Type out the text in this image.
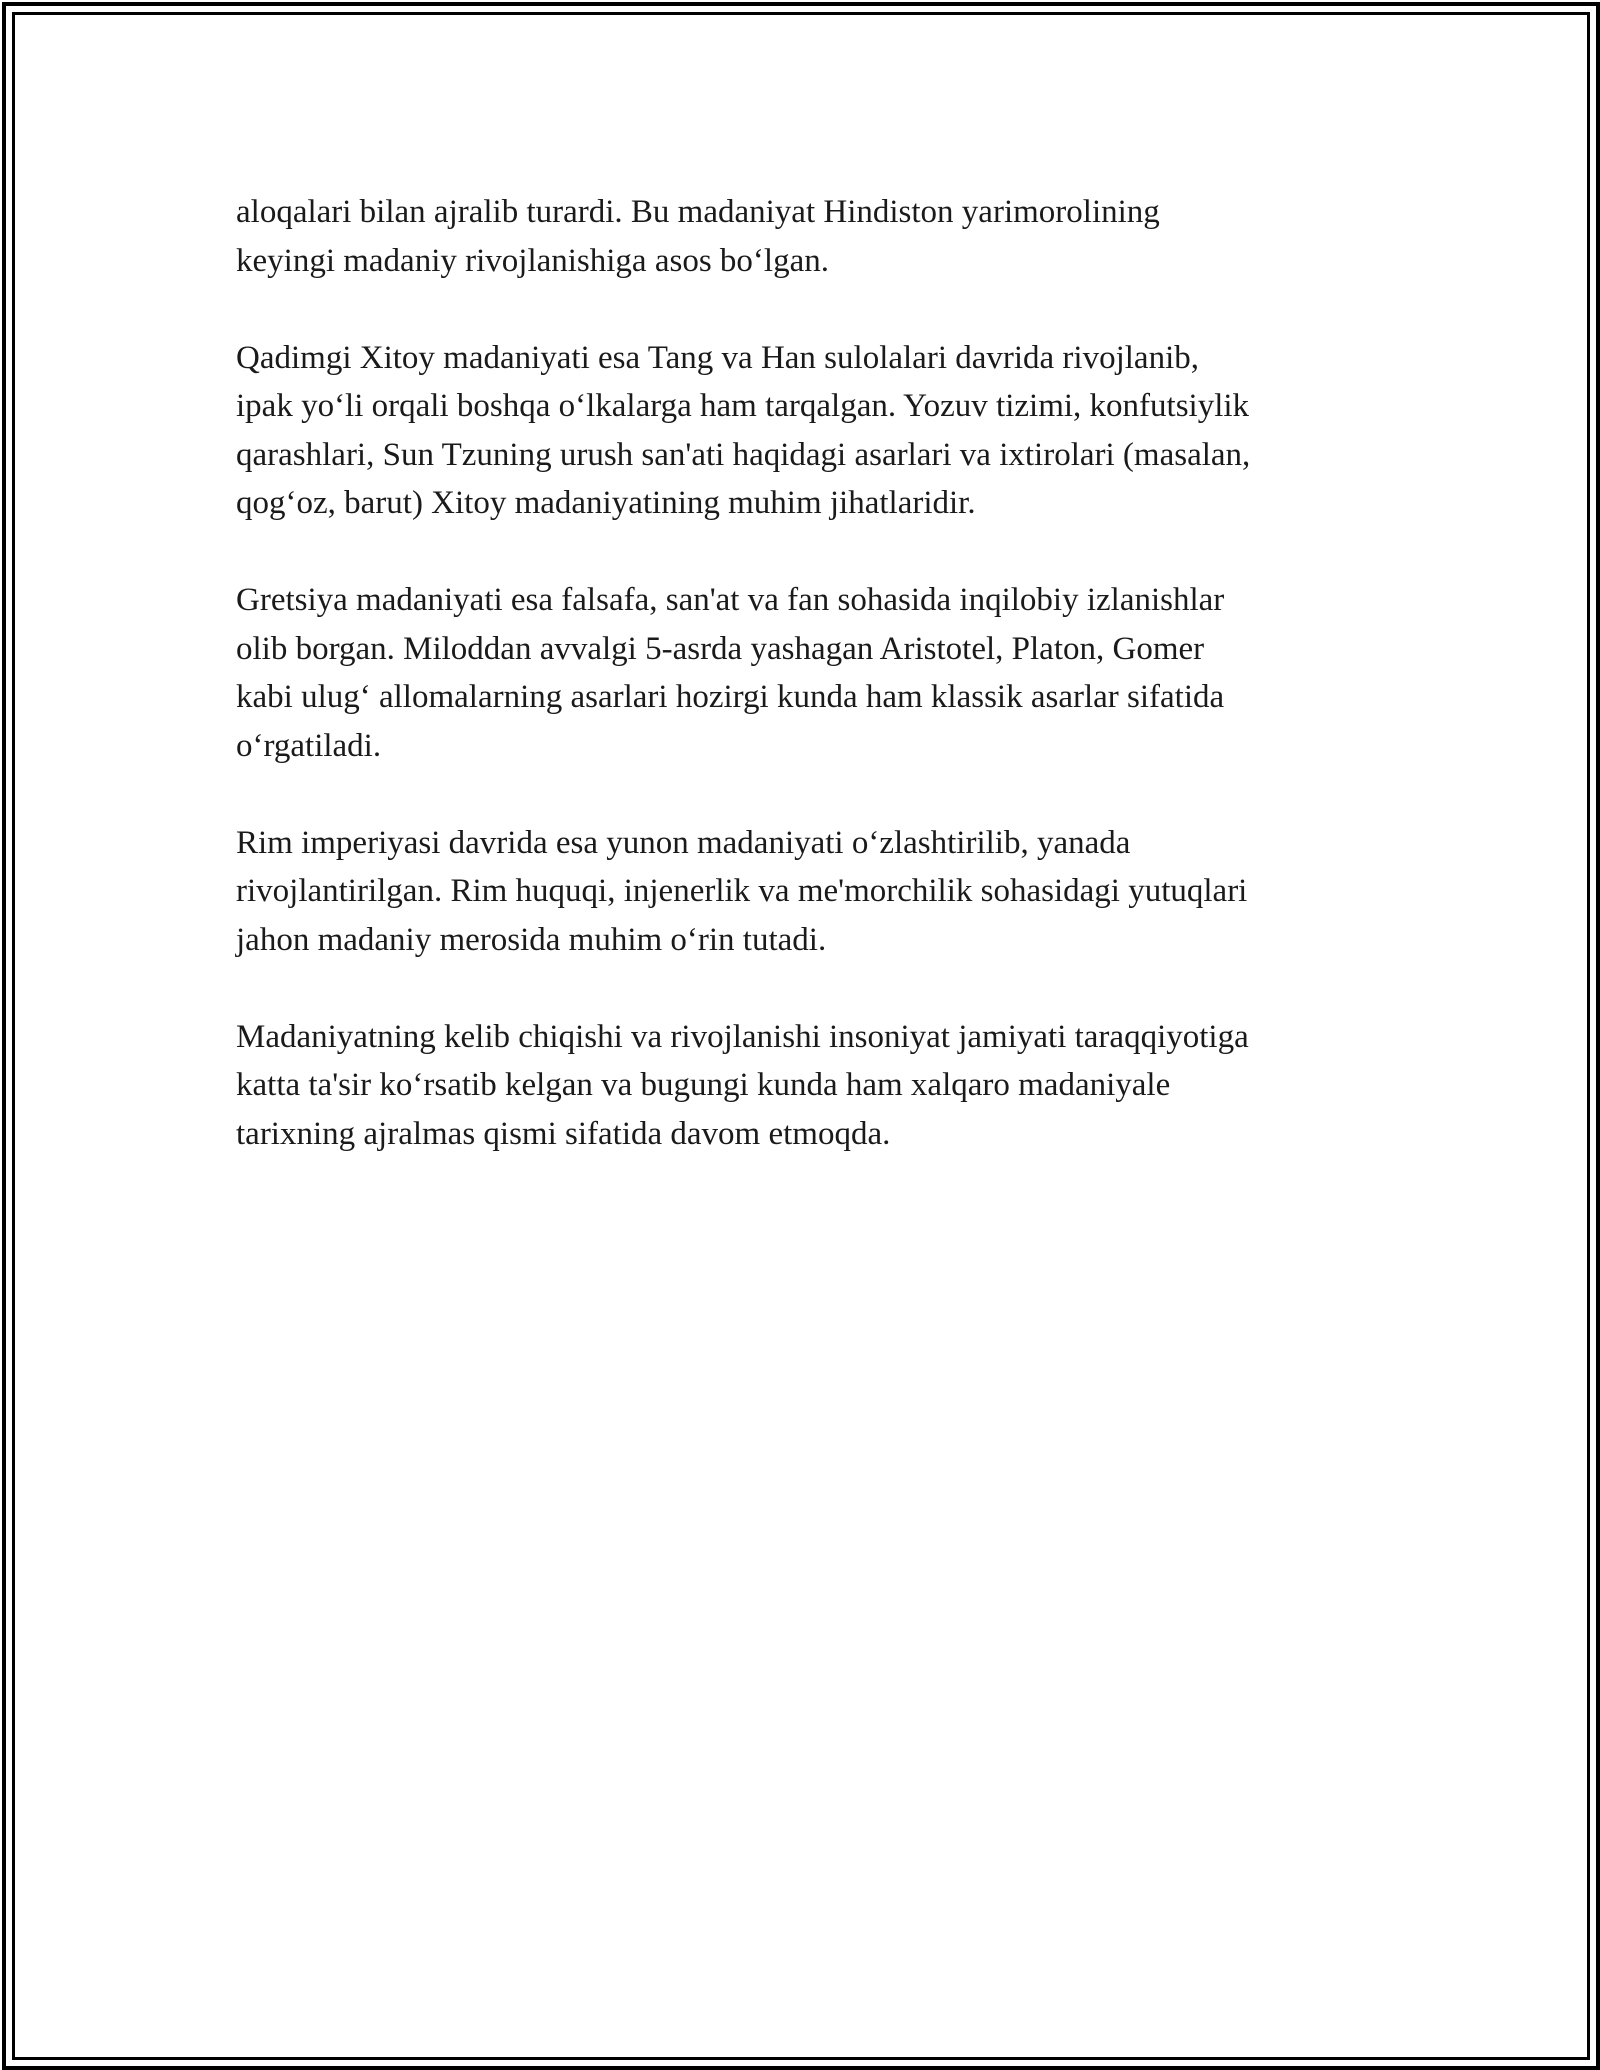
aloqalari bilan ajralib turardi. Bu madaniyat Hindiston yarimorolining
keyingi madaniy rivojlanishiga asos bo‘lgan.

Qadimgi Xitoy madaniyati esa Tang va Han sulolalari davrida rivojlanib,
ipak yo‘li orqali boshqa o‘lkalarga ham tarqalgan. Yozuv tizimi, konfutsiylik
qarashlari, Sun Tzuning urush san'ati haqidagi asarlari va ixtirolari (masalan,
qog‘oz, barut) Xitoy madaniyatining muhim jihatlaridir.

Gretsiya madaniyati esa falsafa, san'at va fan sohasida inqilobiy izlanishlar
olib borgan. Miloddan avvalgi 5-asrda yashagan Aristotel, Platon, Gomer
kabi ulug‘ allomalarning asarlari hozirgi kunda ham klassik asarlar sifatida
o‘rgatiladi.

Rim imperiyasi davrida esa yunon madaniyati o‘zlashtirilib, yanada
rivojlantirilgan. Rim huquqi, injenerlik va me'morchilik sohasidagi yutuqlari
jahon madaniy merosida muhim o‘rin tutadi.

Madaniyatning kelib chiqishi va rivojlanishi insoniyat jamiyati taraqqiyotiga
katta ta'sir ko‘rsatib kelgan va bugungi kunda ham xalqaro madaniyale
tarixning ajralmas qismi sifatida davom etmoqda.
